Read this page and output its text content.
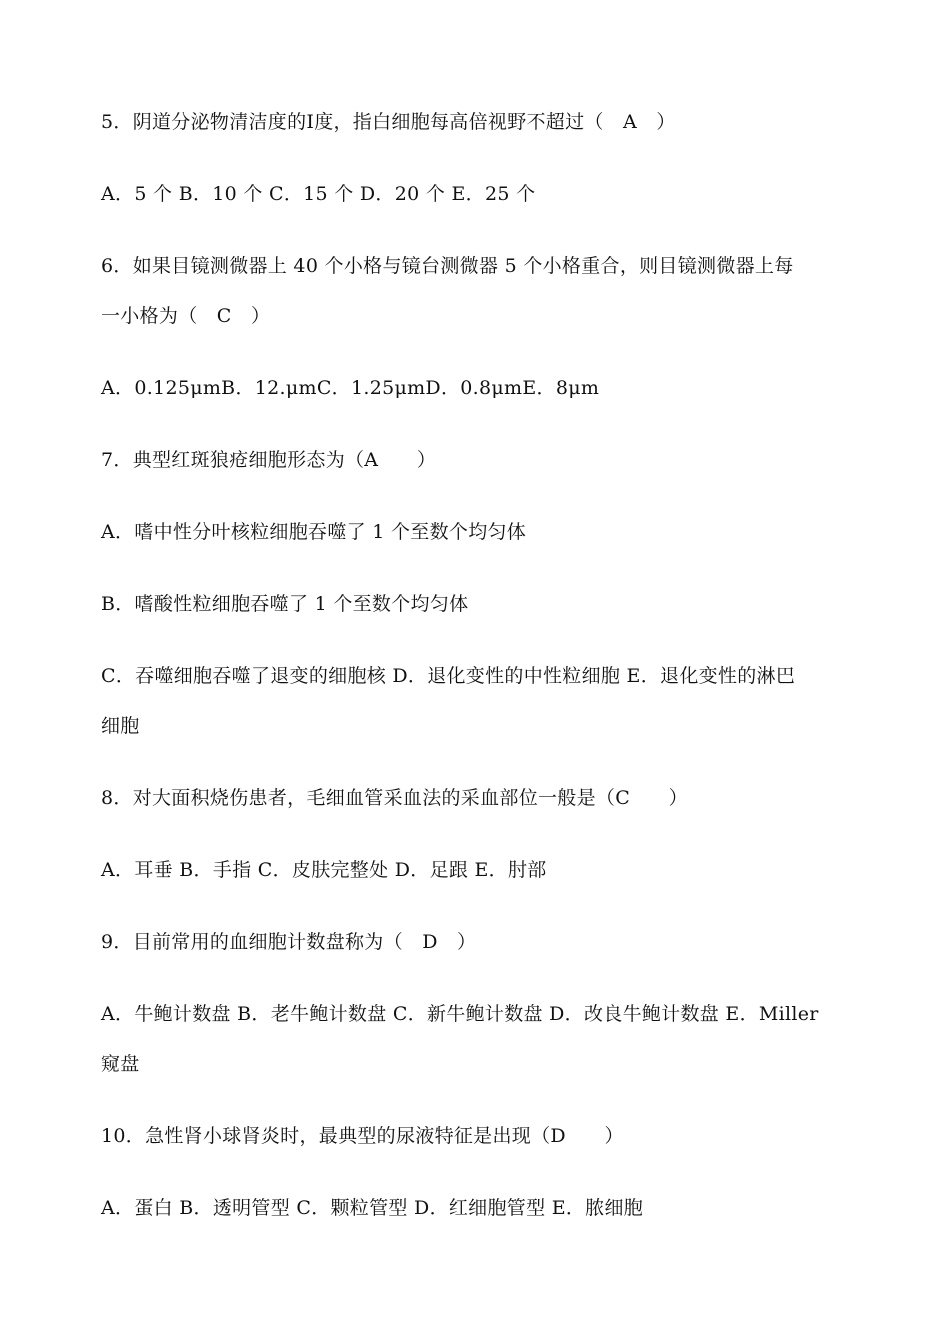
5．阴道分泌物清洁度的Ⅰ度，指白细胞每高倍视野不超过（　A　）
A．5 个 B．10 个 C．15 个 D．20 个 E．25 个
6．如果目镜测微器上 40 个小格与镜台测微器 5 个小格重合，则目镜测微器上每
一小格为（　C　）
A．0.125μmB．12.μmC．1.25μmD．0.8μmE．8μm
7．典型红斑狼疮细胞形态为（A　　）
A．嗜中性分叶核粒细胞吞噬了 1 个至数个均匀体
B．嗜酸性粒细胞吞噬了 1 个至数个均匀体
C．吞噬细胞吞噬了退变的细胞核 D．退化变性的中性粒细胞 E．退化变性的淋巴
细胞
8．对大面积烧伤患者，毛细血管采血法的采血部位一般是（C　　）
A．耳垂 B．手指 C．皮肤完整处 D．足跟 E．肘部
9．目前常用的血细胞计数盘称为（　D　）
A．牛鲍计数盘 B．老牛鲍计数盘 C．新牛鲍计数盘 D．改良牛鲍计数盘 E．Miller
窥盘
10．急性肾小球肾炎时，最典型的尿液特征是出现（D　　）
A．蛋白 B．透明管型 C．颗粒管型 D．红细胞管型 E．脓细胞
